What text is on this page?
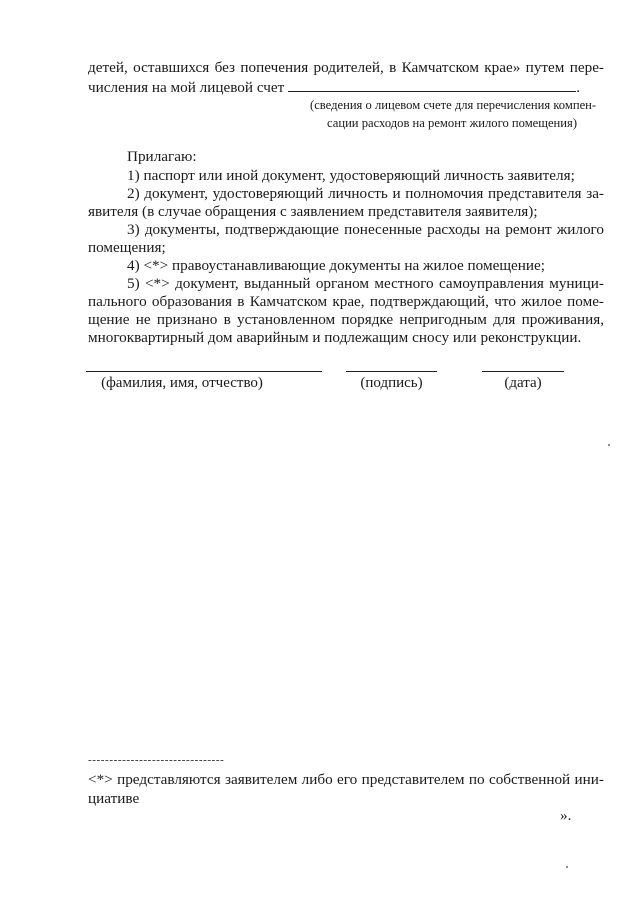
детей, оставшихся без попечения родителей, в Камчатском крае» путем пере-
числения на мой лицевой счет	.
(сведения о лицевом счете для перечисления компен-
сации расходов на ремонт жилого помещения)
Прилагаю:
1) паспорт или иной документ, удостоверяющий личность заявителя;
2) документ, удостоверяющий личность и полномочия представителя за-
явителя (в случае обращения с заявлением представителя заявителя);
3) документы, подтверждающие понесенные расходы на ремонт жилого
помещения;
4) <*> правоустанавливающие документы на жилое помещение;
5) <*> документ, выданный органом местного самоуправления муници-
пального образования в Камчатском крае, подтверждающий, что жилое поме-
щение не признано в установленном порядке непригодным для проживания,
многоквартирный дом аварийным и подлежащим сносу или реконструкции.
(фамилия, имя, отчество)	(подпись)	(дата)
--------------------------------
<*> представляются заявителем либо его представителем по собственной ини-
циативе
».
